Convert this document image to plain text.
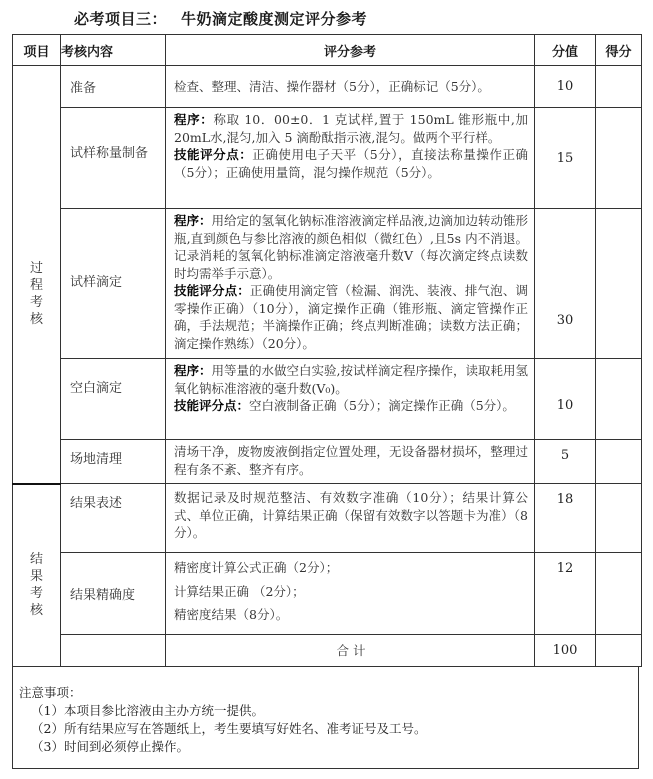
必考项目三： 牛奶滴定酸度测定评分参考
项目	考核内容	评分参考	分值	得分

过
程
考
核	准备	检查、整理、清洁、操作器材（5分），正确标记（5分）。	10	
	试样称量制备	程序：称取 10．00±0．1 克试样,置于 150mL 锥形瓶中,加20mL水,混匀,加入 5 滴酚酞指示液,混匀。做两个平行样。

技能评分点：正确使用电子天平（5分），直接法称量操作正确（5分）；正确使用量筒，混匀操作规范（5分）。	15	
	试样滴定	程序：用给定的氢氧化钠标准溶液滴定样品液,边滴加边转动锥形瓶,直到颜色与参比溶液的颜色相似（微红色）,且5s 内不消退。记录消耗的氢氧化钠标准滴定溶液毫升数V（每次滴定终点读数时均需举手示意）。

技能评分点：正确使用滴定管（检漏、润洗、装液、排气泡、调零操作正确）（10分），滴定操作正确（锥形瓶、滴定管操作正确，手法规范；半滴操作正确；终点判断准确；读数方法正确；滴定操作熟练）（20分）。	30	
	空白滴定	程序：用等量的水做空白实验,按试样滴定程序操作，读取耗用氢氧化钠标准溶液的毫升数(V₀)。

技能评分点：空白液制备正确（5分）；滴定操作正确（5分）。	10	
	场地清理	清场干净，废物废液倒指定位置处理，无设备器材损坏，整理过程有条不紊、整齐有序。	5	

结
果
考
核	结果表述	数据记录及时规范整洁、有效数字准确（10分）；结果计算公式、单位正确，计算结果正确（保留有效数字以答题卡为准）（8 分）。	18	
	结果精确度	精密度计算公式正确（2分）；

计算结果正确 （2分）；

精密度结果（8分）。	12	
		合 计	100	
注意事项：
（1）本项目参比溶液由主办方统一提供。
（2）所有结果应写在答题纸上，考生要填写好姓名、准考证号及工号。
（3）时间到必须停止操作。
